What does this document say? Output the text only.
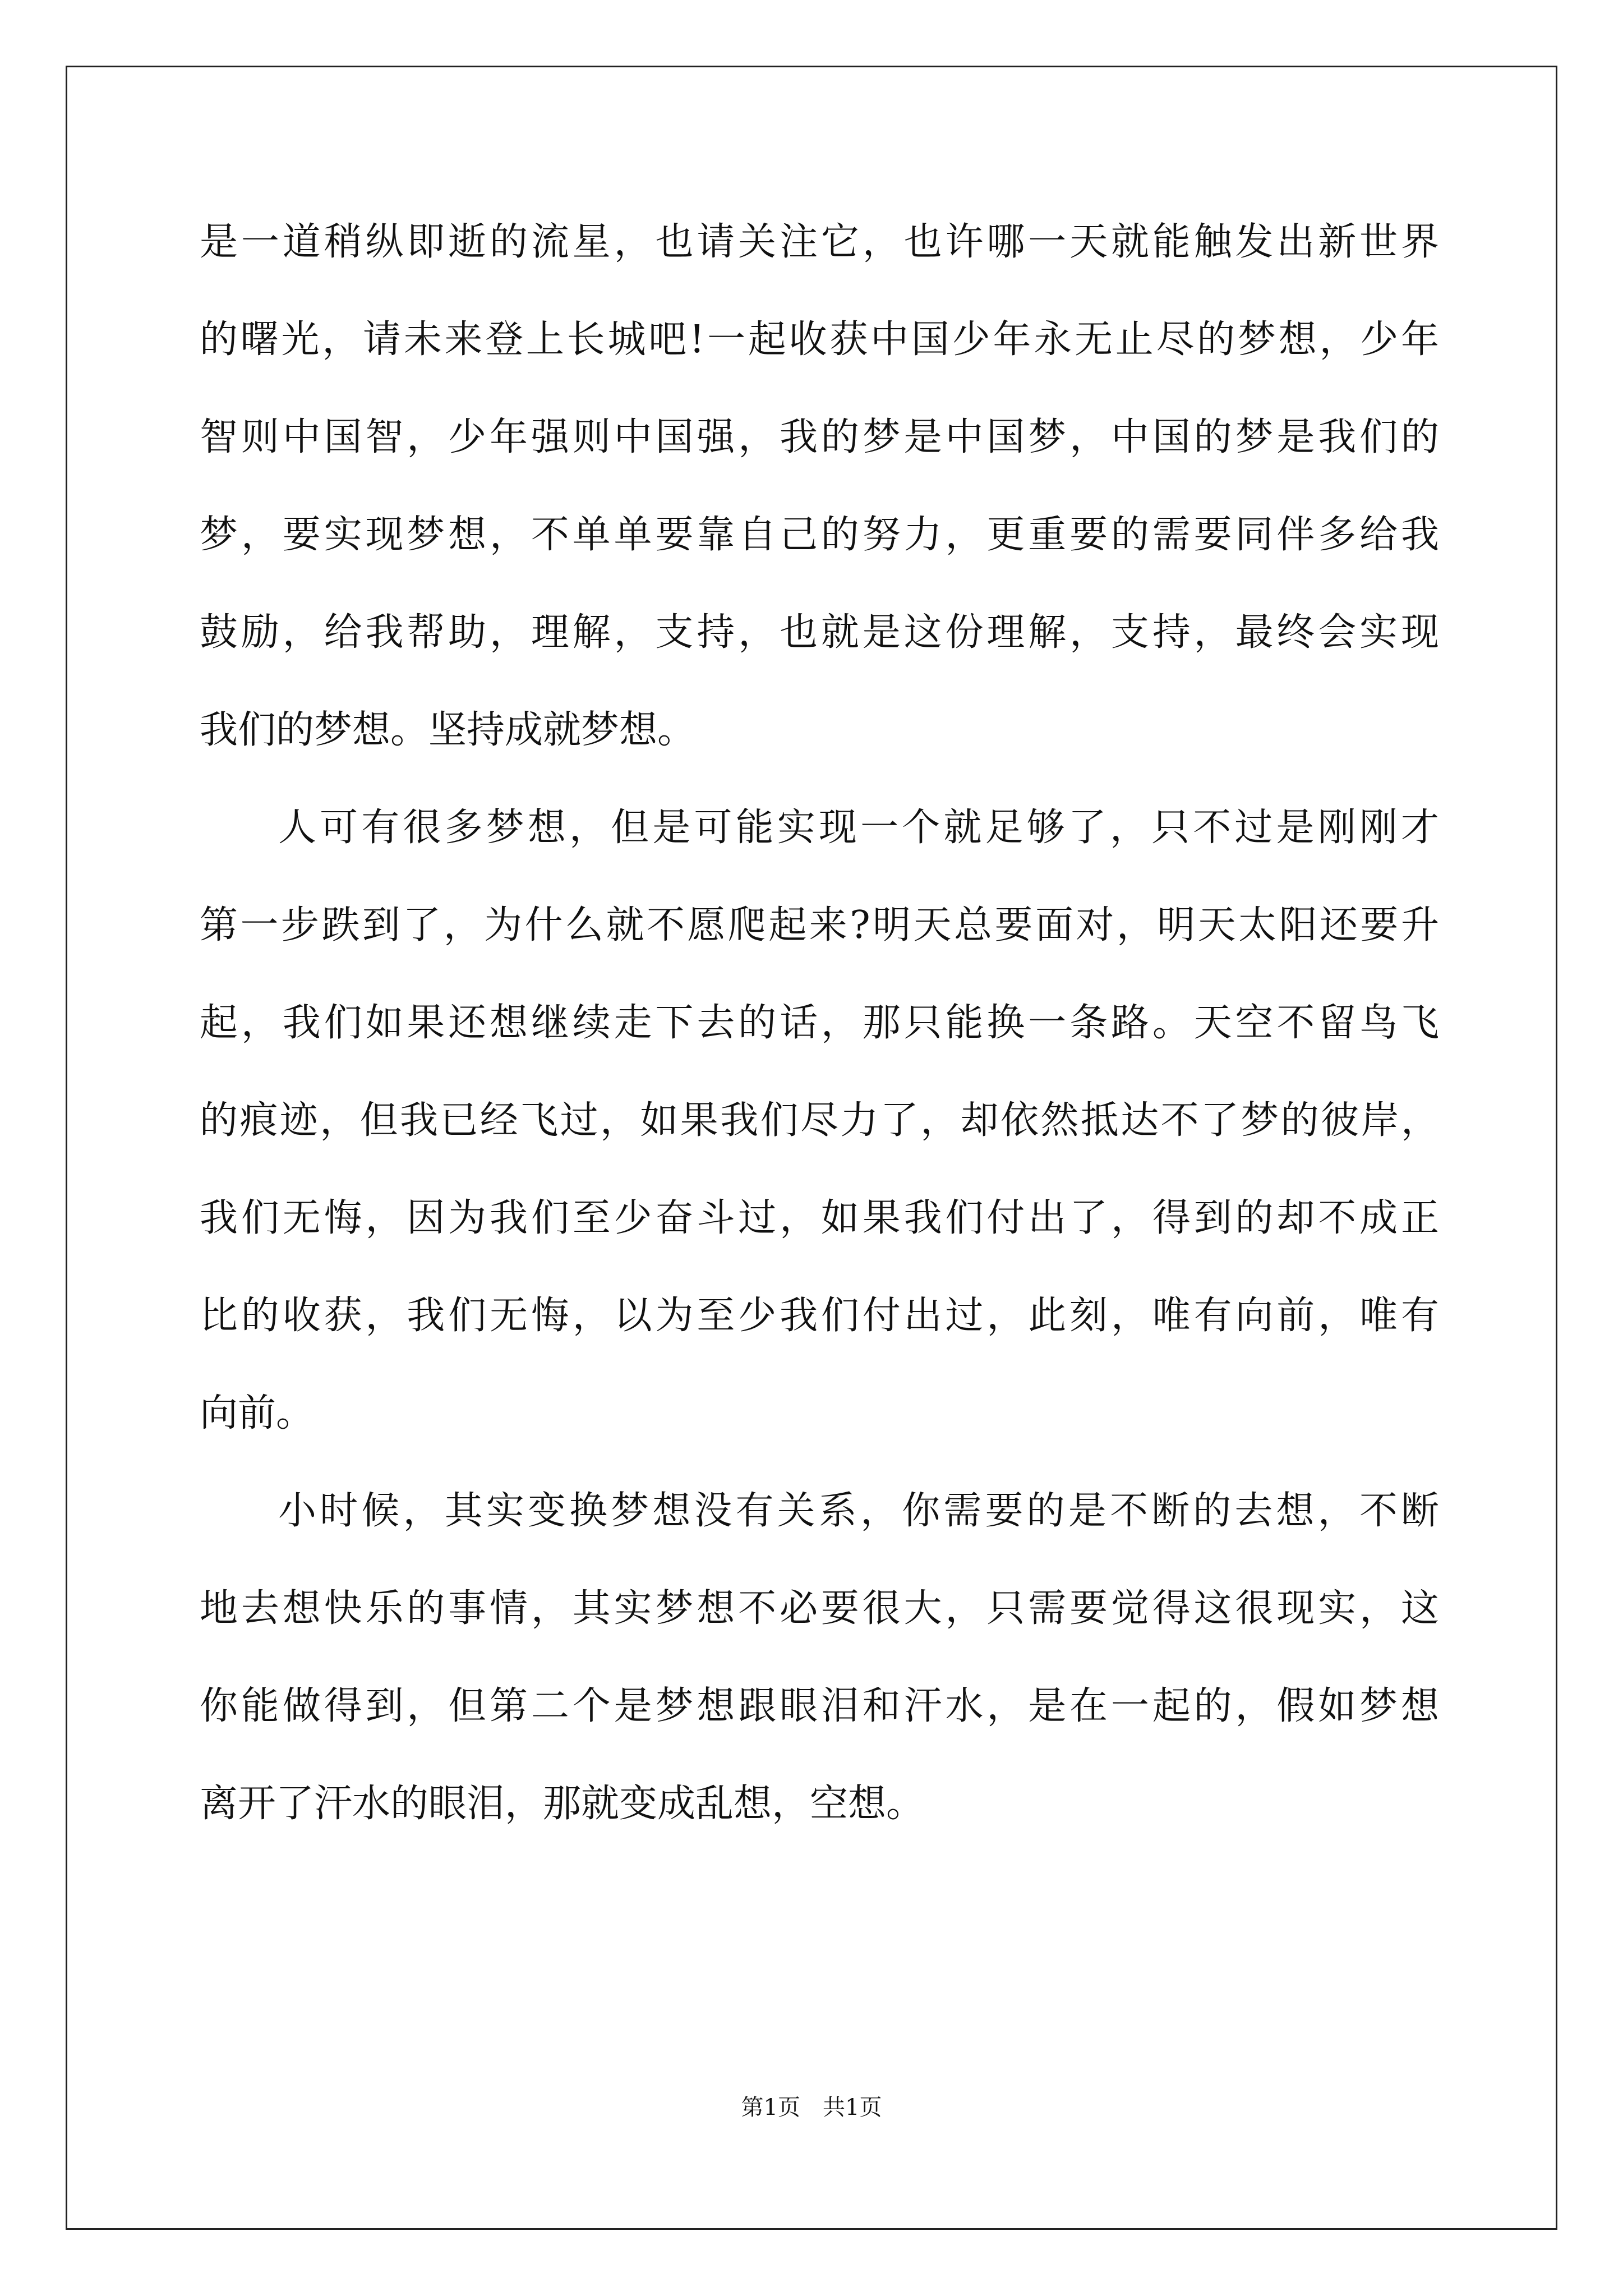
是一道稍纵即逝的流星，也请关注它，也许哪一天就能触发出新世界
的曙光，请未来登上长城吧!一起收获中国少年永无止尽的梦想，少年
智则中国智，少年强则中国强，我的梦是中国梦，中国的梦是我们的
梦，要实现梦想，不单单要靠自己的努力，更重要的需要同伴多给我
鼓励，给我帮助，理解，支持，也就是这份理解，支持，最终会实现
我们的梦想。坚持成就梦想。
人可有很多梦想，但是可能实现一个就足够了，只不过是刚刚才
第一步跌到了，为什么就不愿爬起来?明天总要面对，明天太阳还要升
起，我们如果还想继续走下去的话，那只能换一条路。天空不留鸟飞
的痕迹，但我已经飞过，如果我们尽力了，却依然抵达不了梦的彼岸，
我们无悔，因为我们至少奋斗过，如果我们付出了，得到的却不成正
比的收获，我们无悔，以为至少我们付出过，此刻，唯有向前，唯有
向前。
小时候，其实变换梦想没有关系，你需要的是不断的去想，不断
地去想快乐的事情，其实梦想不必要很大，只需要觉得这很现实，这
你能做得到，但第二个是梦想跟眼泪和汗水，是在一起的，假如梦想
离开了汗水的眼泪，那就变成乱想，空想。
第1页　共1页
